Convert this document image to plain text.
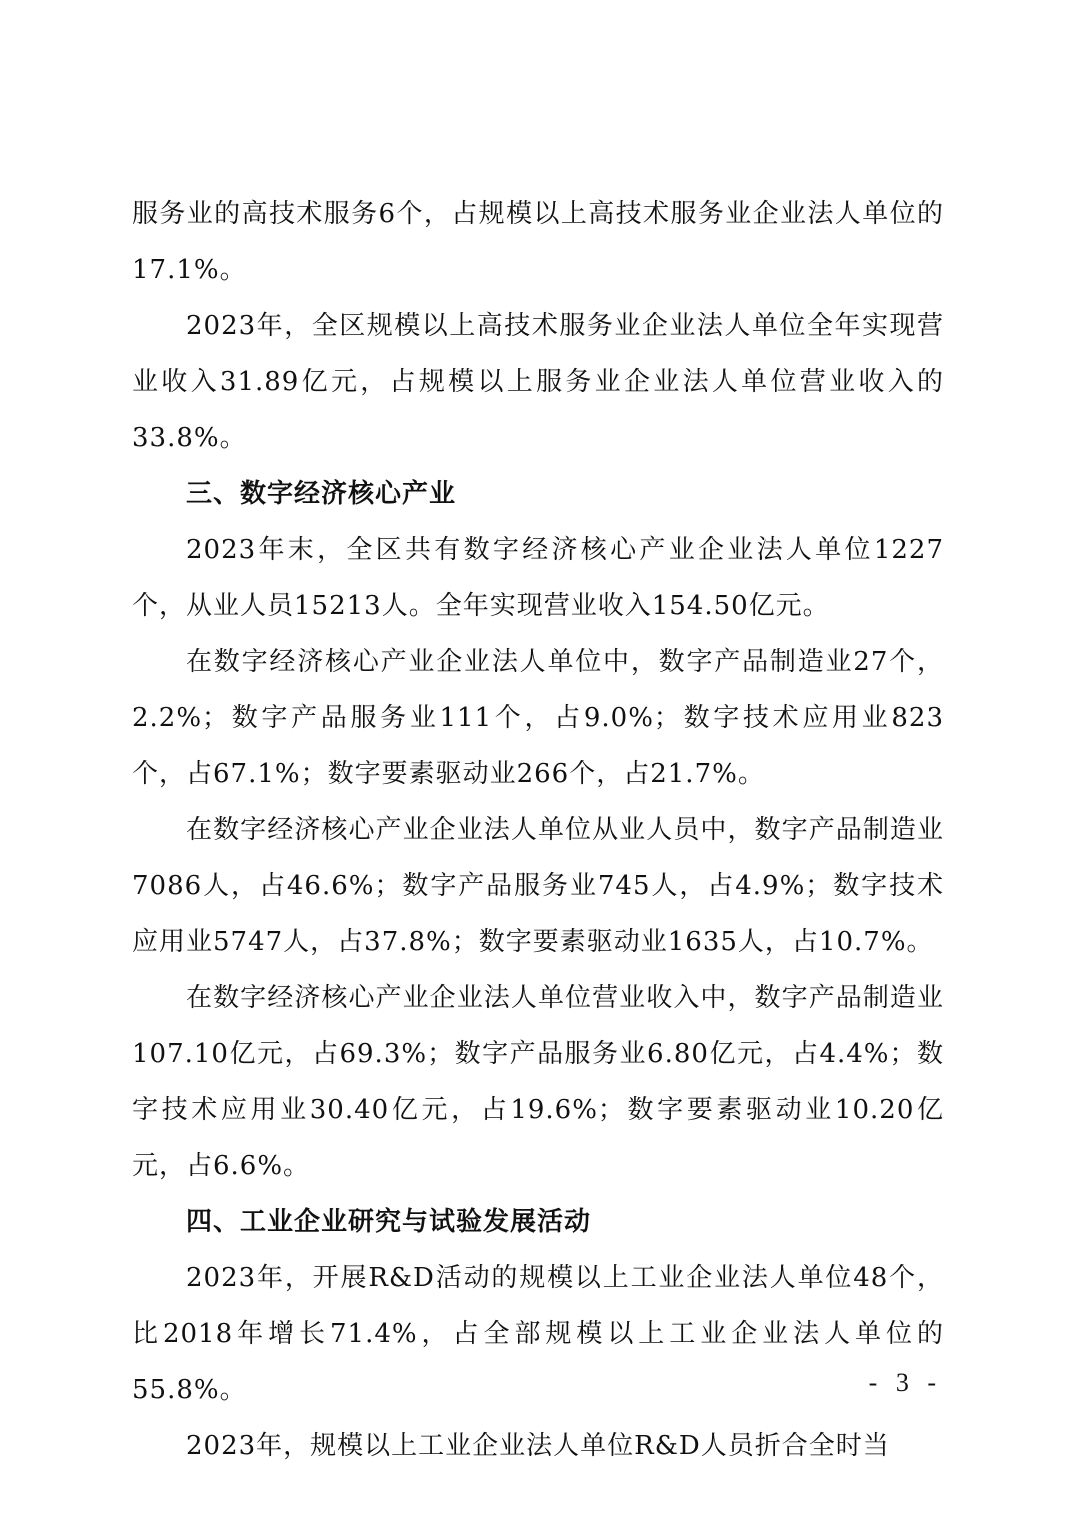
服务业的高技术服务6个，占规模以上高技术服务业企业法人单位的17.1%。

2023年，全区规模以上高技术服务业企业法人单位全年实现营业收入31.89亿元，占规模以上服务业企业法人单位营业收入的33.8%。

三、数字经济核心产业

2023年末，全区共有数字经济核心产业企业法人单位1227个，从业人员15213人。全年实现营业收入154.50亿元。

在数字经济核心产业企业法人单位中，数字产品制造业27个，2.2%；数字产品服务业111个，占9.0%；数字技术应用业823个，占67.1%；数字要素驱动业266个，占21.7%。

在数字经济核心产业企业法人单位从业人员中，数字产品制造业7086人，占46.6%；数字产品服务业745人，占4.9%；数字技术应用业5747人，占37.8%；数字要素驱动业1635人，占10.7%。

在数字经济核心产业企业法人单位营业收入中，数字产品制造业107.10亿元，占69.3%；数字产品服务业6.80亿元，占4.4%；数字技术应用业30.40亿元，占19.6%；数字要素驱动业10.20亿元，占6.6%。

四、工业企业研究与试验发展活动

2023年，开展R&D活动的规模以上工业企业法人单位48个，比2018年增长71.4%，占全部规模以上工业企业法人单位的55.8%。

2023年，规模以上工业企业法人单位R&D人员折合全时当

- 3 -
